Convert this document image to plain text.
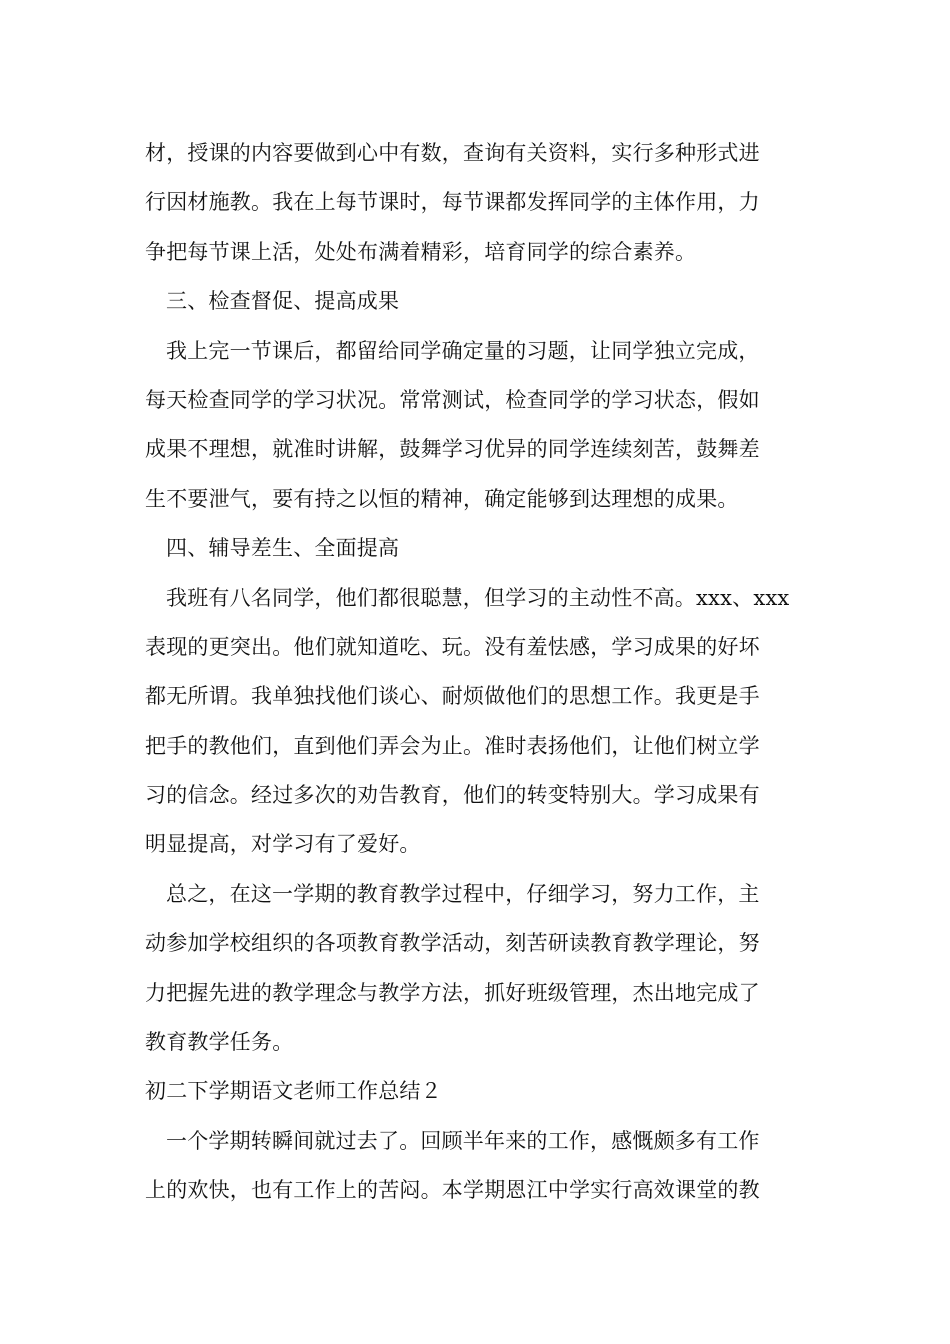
材，授课的内容要做到心中有数，查询有关资料，实行多种形式进
行因材施教。我在上每节课时，每节课都发挥同学的主体作用，力
争把每节课上活，处处布满着精彩，培育同学的综合素养。
三、检查督促、提高成果
我上完一节课后，都留给同学确定量的习题，让同学独立完成，
每天检查同学的学习状况。常常测试，检查同学的学习状态，假如
成果不理想，就准时讲解，鼓舞学习优异的同学连续刻苦，鼓舞差
生不要泄气，要有持之以恒的精神，确定能够到达理想的成果。
四、辅导差生、全面提高
我班有八名同学，他们都很聪慧，但学习的主动性不高。xxx、xxx
表现的更突出。他们就知道吃、玩。没有羞怯感，学习成果的好坏
都无所谓。我单独找他们谈心、耐烦做他们的思想工作。我更是手
把手的教他们，直到他们弄会为止。准时表扬他们，让他们树立学
习的信念。经过多次的劝告教育，他们的转变特别大。学习成果有
明显提高，对学习有了爱好。
总之，在这一学期的教育教学过程中，仔细学习，努力工作，主
动参加学校组织的各项教育教学活动，刻苦研读教育教学理论，努
力把握先进的教学理念与教学方法，抓好班级管理，杰出地完成了
教育教学任务。
初二下学期语文老师工作总结２
一个学期转瞬间就过去了。回顾半年来的工作，感慨颇多有工作
上的欢快，也有工作上的苦闷。本学期恩江中学实行高效课堂的教
